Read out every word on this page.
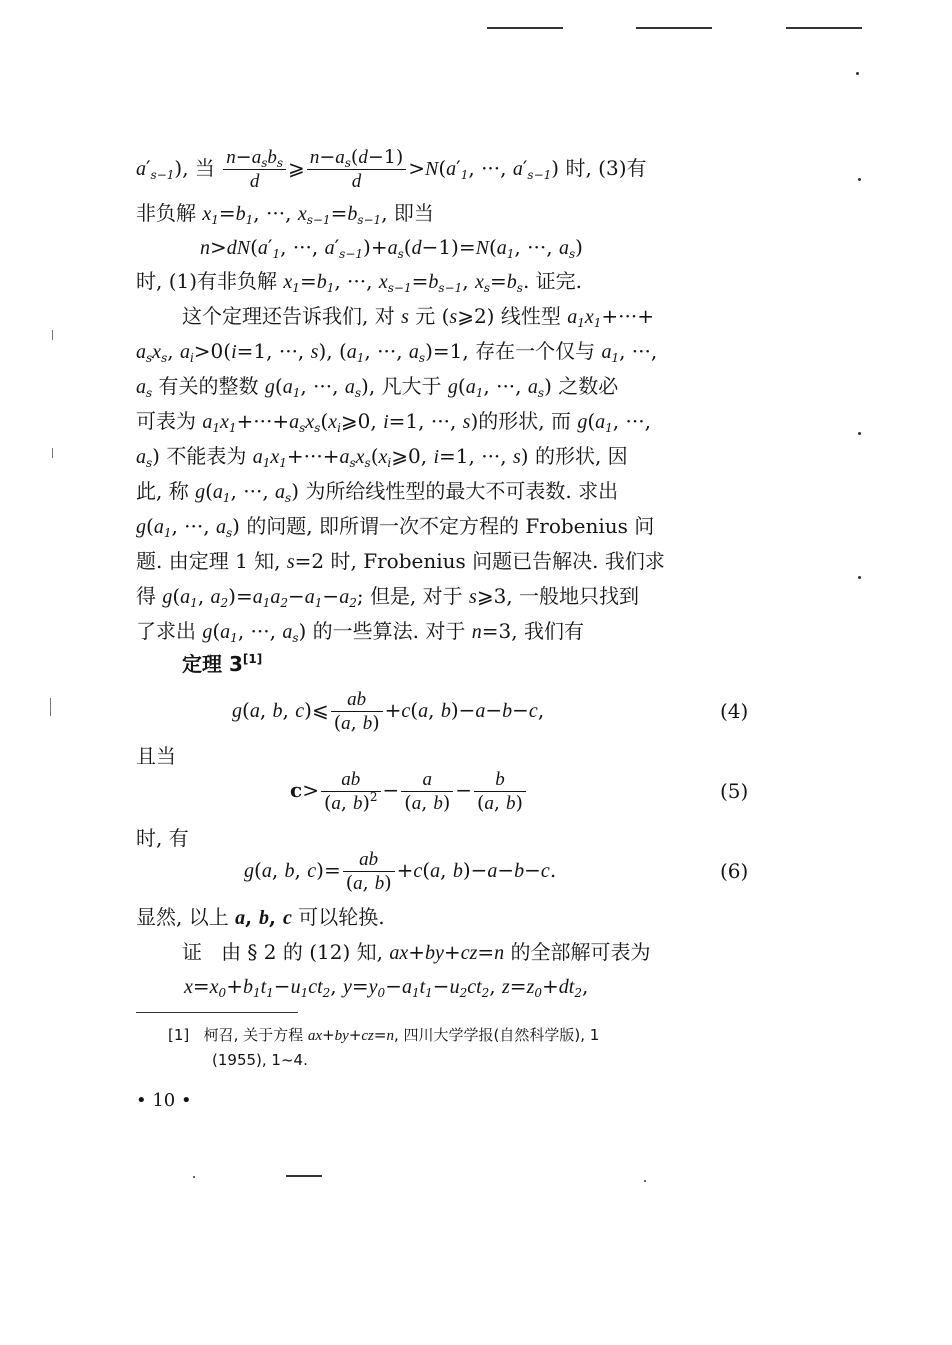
$a'_{s-1}$), 当 $\frac{n-a_sb_s}{d}$ ⩾ $\frac{n-a_s(d-1)}{d} >N(a'_1$, ···, $a'_{s-1}$) 时, (3)有
非负解 $x_1=b_1$, ···, $x_{s-1}=b_{s-1}$, 即当
$n>dN(a'_1$, ···, $a'_{s-1})+a_s(d-1)=N(a_1$, ···, $a_s$)
时, (1)有非负解 $x_1=b_1$, ···, $x_{s-1}=b_{s-1}$, $x_s=b_s$. 证完.
这个定理还告诉我们, 对 s 元 (s⩾2) 线性型 $a_1x_1+\cdot\cdot\cdot+$
$a_sx_s$, $a_i>0(i=1$, ···, s), ($a_1$, ···, $a_s)=1$, 存在一个仅与 $a_1$, ···,
$a_s$ 有关的整数 $g(a_1$, ···, $a_s$), 凡大于 $g(a_1$, ···, $a_s$) 之数必
可表为 $a_1x_1+\cdot\cdot\cdot+a_sx_s(x_i⩾0$, i=1, ···, s)的形状, 而 $g(a_1$, ···,
$a_s$) 不能表为 $a_1x_1+\cdot\cdot\cdot+a_sx_s(x_i⩾0$, i=1, ···, s) 的形状, 因
此, 称 $g(a_1$, ···, $a_s$) 为所给线性型的最大不可表数. 求出
$g(a_1$, ···, $a_s$) 的问题, 即所谓一次不定方程的 Frobenius 问
题. 由定理 1 知, s=2 时, Frobenius 问题已告解决. 我们求
得 $g(a_1$, $a_2)=a_1a_2-a_1-a_2$; 但是, 对于 s⩾3, 一般地只找到
了求出 $g(a_1$, ···, $a_s$) 的一些算法. 对于 n=3, 我们有
定理 3[1]
g(a, b, c)⩽ $\frac{ab}{(a, b)} +c(a$, b)−a−b−c,	(4)
且当
$c> \frac{ab}{(a, b)^2} - \frac{a}{(a, b)} - \frac{b}{(a, b)}$	(5)
时, 有
g(a, b, $c)= \frac{ab}{(a, b)} +c(a$, b)−a−b−c.	(6)
显然, 以上 a, b, c 可以轮换.
证 由 § 2 的 (12) 知, ax+by+cz=n 的全部解可表为
$x=x_0+b_1t_1-u_1ct_2$, $y=y_0-a_1t_1-u_2ct_2$, $z=z_0+dt_2$,
[1] 柯召, 关于方程 ax+by+cz=n, 四川大学学报(自然科学版), 1
(1955), 1~4.
• 10 •
